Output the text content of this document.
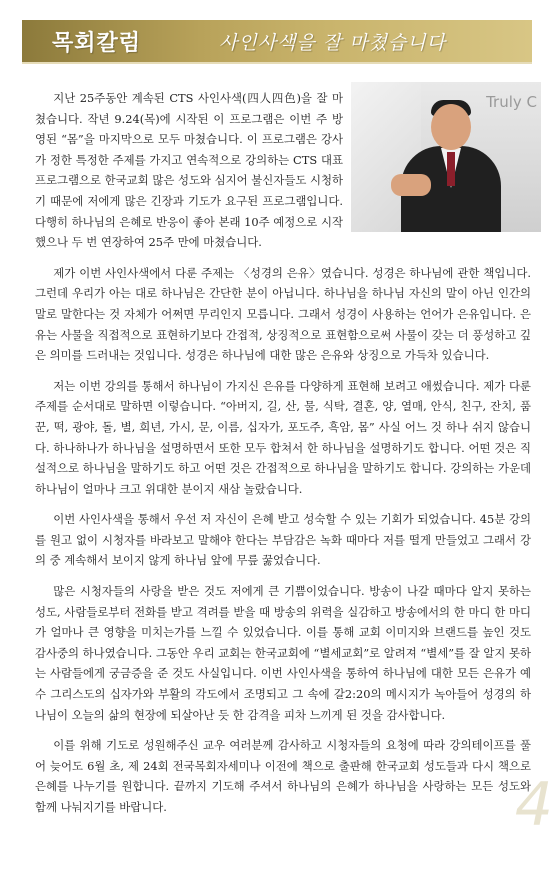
목회칼럼	사인사색을 잘 마쳤습니다
Truly C

지난 25주동안 계속된 CTS 사인사색(四人四色)을 잘 마쳤습니다. 작년 9.24(목)에 시작된 이 프로그램은 이번 주 방영된 “몸”을 마지막으로 모두 마쳤습니다. 이 프로그램은 강사가 정한 특정한 주제를 가지고 연속적으로 강의하는 CTS 대표 프로그램으로 한국교회 많은 성도와 심지어 불신자들도 시청하기 때문에 저에게 많은 긴장과 기도가 요구된 프로그램입니다. 다행히 하나님의 은혜로 반응이 좋아 본래 10주 예정으로 시작했으나 두 번 연장하여 25주 만에 마쳤습니다.

제가 이번 사인사색에서 다룬 주제는 〈성경의 은유〉였습니다. 성경은 하나님에 관한 책입니다. 그런데 우리가 아는 대로 하나님은 간단한 분이 아닙니다. 하나님을 하나님 자신의 말이 아닌 인간의 말로 말한다는 것 자체가 어쩌면 무리인지 모릅니다. 그래서 성경이 사용하는 언어가 은유입니다. 은유는 사물을 직접적으로 표현하기보다 간접적, 상징적으로 표현함으로써 사물이 갖는 더 풍성하고 깊은 의미를 드러내는 것입니다. 성경은 하나님에 대한 많은 은유와 상징으로 가득차 있습니다.

저는 이번 강의를 통해서 하나님이 가지신 은유를 다양하게 표현해 보려고 애썼습니다. 제가 다룬 주제를 순서대로 말하면 이렇습니다. “아버지, 길, 산, 물, 식탁, 결혼, 양, 열매, 안식, 친구, 잔치, 품꾼, 떡, 광야, 돌, 별, 희년, 가시, 문, 이름, 십자가, 포도주, 흑암, 몸” 사실 어느 것 하나 쉬지 않습니다. 하나하나가 하나님을 설명하면서 또한 모두 합쳐서 한 하나님을 설명하기도 합니다. 어떤 것은 직설적으로 하나님을 말하기도 하고 어떤 것은 간접적으로 하나님을 말하기도 합니다. 강의하는 가운데 하나님이 얼마나 크고 위대한 분이지 새삼 놀랐습니다.

이번 사인사색을 통해서 우선 저 자신이 은혜 받고 성숙할 수 있는 기회가 되었습니다. 45분 강의를 원고 없이 시청자를 바라보고 말해야 한다는 부담감은 녹화 때마다 저를 떨게 만들었고 그래서 강의 중 계속해서 보이지 않게 하나님 앞에 무릎 꿇었습니다.

많은 시청자들의 사랑을 받은 것도 저에게 큰 기쁨이었습니다. 방송이 나갈 때마다 알지 못하는 성도, 사람들로부터 전화를 받고 격려를 받을 때 방송의 위력을 실감하고 방송에서의 한 마디 한 마디가 얼마나 큰 영향을 미치는가를 느낄 수 있었습니다. 이를 통해 교회 이미지와 브랜드를 높인 것도 감사중의 하나였습니다. 그동안 우리 교회는 한국교회에 “별세교회”로 알려져 “별세”를 잘 알지 못하는 사람들에게 궁금증을 준 것도 사실입니다. 이번 사인사색을 통하여 하나님에 대한 모든 은유가 예수 그리스도의 십자가와 부활의 각도에서 조명되고 그 속에 갈2:20의 메시지가 녹아들어 성경의 하나님이 오늘의 삶의 현장에 되살아난 듯 한 감격을 피차 느끼게 된 것을 감사합니다.

이를 위해 기도로 성원해주신 교우 여러분께 감사하고 시청자들의 요청에 따라 강의테이프를 풀어 늦어도 6월 초, 제 24회 전국목회자세미나 이전에 책으로 출판해 한국교회 성도들과 다시 책으로 은혜를 나누기를 원합니다. 끝까지 기도해 주셔서 하나님의 은혜가 하나님을 사랑하는 모든 성도와 함께 나눠지기를 바랍니다.	4
